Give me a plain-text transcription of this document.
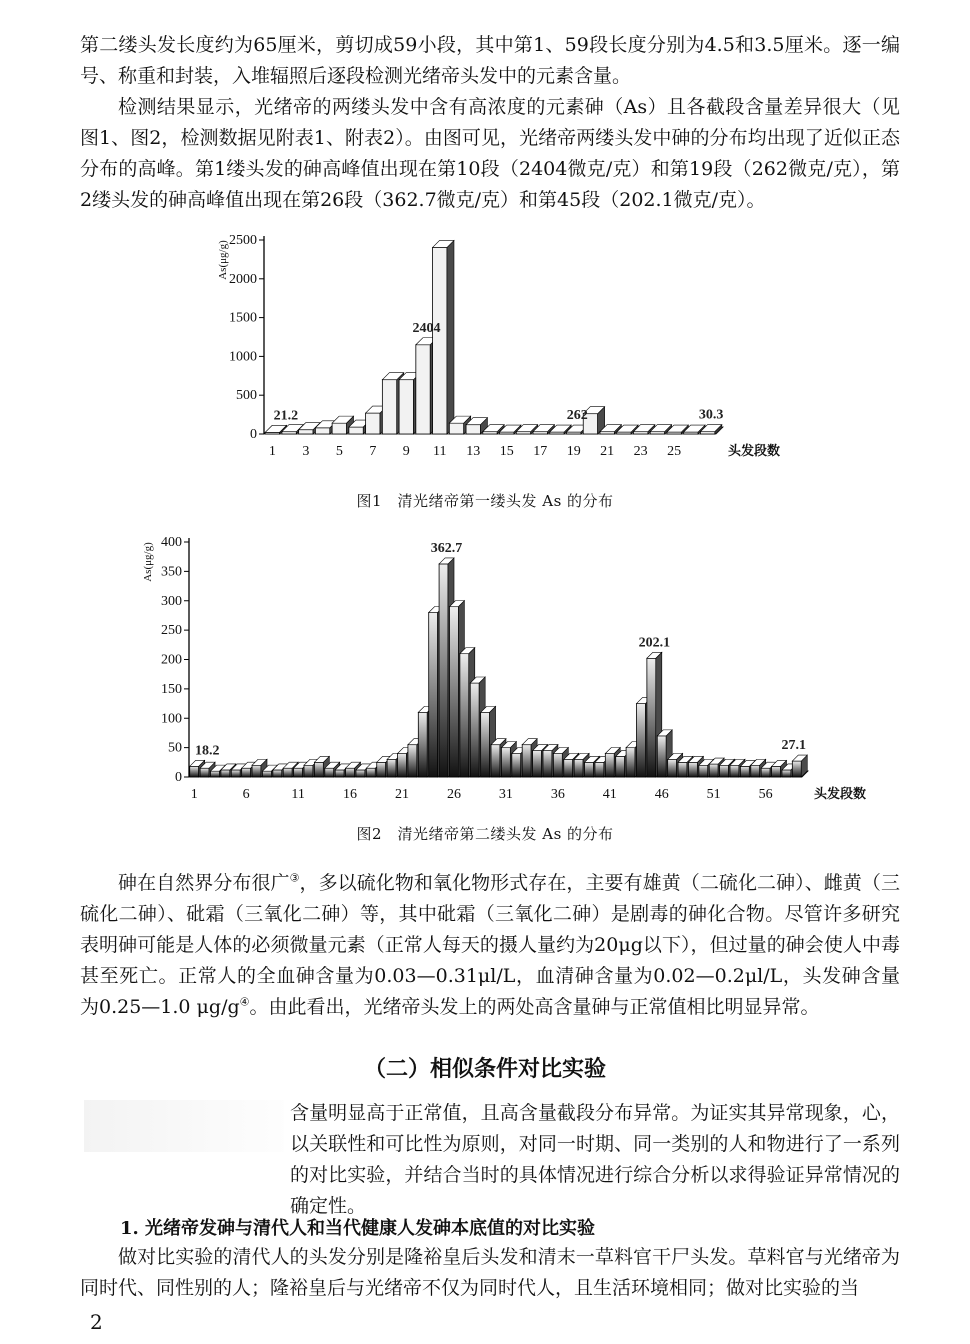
第二缕头发长度约为65厘米，剪切成59小段，其中第1、59段长度分别为4.5和3.5厘米。逐一编号、称重和封装，入堆辐照后逐段检测光绪帝头发中的元素含量。

检测结果显示，光绪帝的两缕头发中含有高浓度的元素砷（As）且各截段含量差异很大（见图1、图2，检测数据见附表1、附表2）。由图可见，光绪帝两缕头发中砷的分布均出现了近似正态分布的高峰。第1缕头发的砷高峰值出现在第10段（2404微克/克）和第19段（262微克/克），第2缕头发的砷高峰值出现在第26段（362.7微克/克）和第45段（202.1微克/克）。

0
500
1000
1500
2000
2500
As(μg/g)
1 3 5 7 9 11 13 15 17 19 21 23 25	头发段数
21.2
2404
262	30.3
图1　清光绪帝第一缕头发 As 的分布
0
50
100
150
200
250
300
350
400
As(μg/g)
1	6	11	16	21	26	31	36	41	46	51	56	头发段数
18.2
362.7
202.1
27.1
图2　清光绪帝第二缕头发 As 的分布

砷在自然界分布很广③，多以硫化物和氧化物形式存在，主要有雄黄（二硫化二砷）、雌黄（三硫化二砷）、砒霜（三氧化二砷）等，其中砒霜（三氧化二砷）是剧毒的砷化合物。尽管许多研究表明砷可能是人体的必须微量元素（正常人每天的摄人量约为20μg以下），但过量的砷会使人中毒甚至死亡。正常人的全血砷含量为0.03—0.31μl/L，血清砷含量为0.02—0.2μl/L，头发砷含量为0.25—1.0 μg/g④。由此看出，光绪帝头发上的两处高含量砷与正常值相比明显异常。

（二）相似条件对比实验

含量明显高于正常值，且高含量截段分布异常。为证实其异常现象，心，以关联性和可比性为原则，对同一时期、同一类别的人和物进行了一系列的对比实验，并结合当时的具体情况进行综合分析以求得验证异常情况的确定性。

1. 光绪帝发砷与清代人和当代健康人发砷本底值的对比实验

做对比实验的清代人的头发分别是隆裕皇后头发和清末一草料官干尸头发。草料官与光绪帝为同时代、同性别的人；隆裕皇后与光绪帝不仅为同时代人，且生活环境相同；做对比实验的当

2
